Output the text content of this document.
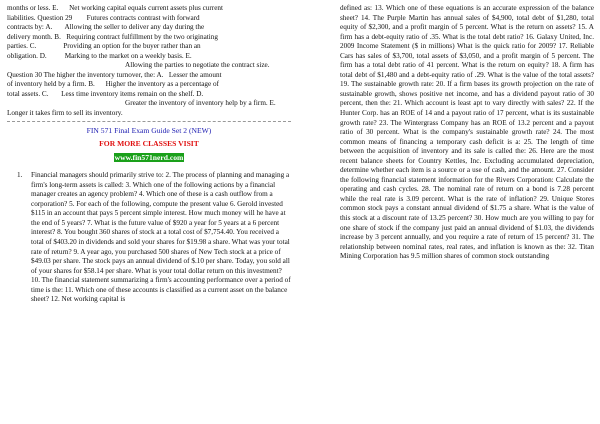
months or less. E.      Net working capital equals current assets plus current

liabilities. Question 29        Futures contracts contrast with forward

contracts by: A.       Allowing the seller to deliver any day during the

delivery month. B.   Requiring contract fulfillment by the two originating

parties. C.               Providing an option for the buyer rather than an

obligation. D.          Marking to the market on a weekly basis. E.

Allowing the parties to negotiate the contract size.

Question 30 The higher the inventory turnover, the: A.   Lesser the amount

of inventory held by a firm. B.      Higher the inventory as a percentage of

total assets. C.       Less time inventory items remain on the shelf. D.

Greater the inventory of inventory help by a firm. E.

Longer it takes firm to sell its inventory.

FIN 571 Final Exam Guide Set 2 (NEW)
FOR MORE CLASSES VISIT
www.fin571nerd.com
1. Financial managers should primarily strive to: 2. The process of planning and managing a firm's long-term assets is called: 3. Which one of the following actions by a financial manager creates an agency problem? 4. Which one of these is a cash outflow from a corporation? 5. For each of the following, compute the present value 6. Gerold invested $115 in an account that pays 5 percent simple interest. How much money will he have at the end of 5 years? 7. What is the future value of $920 a year for 5 years at a 6 percent interest? 8. You bought 360 shares of stock at a total cost of $7,754.40. You received a total of $403.20 in dividends and sold your shares for $19.98 a share. What was your total rate of return? 9. A year ago, you purchased 500 shares of New Tech stock at a price of $49.03 per share. The stock pays an annual dividend of $.10 per share. Today, you sold all of your shares for $58.14 per share. What is your total dollar return on this investment? 10. The financial statement summarizing a firm's accounting performance over a period of time is the: 11. Which one of these accounts is classified as a current asset on the balance sheet? 12. Net working capital is

defined as: 13. Which one of these equations is an accurate expression of the balance sheet? 14. The Purple Martin has annual sales of $4,900, total debt of $1,280, total equity of $2,300, and a profit margin of 5 percent. What is the return on assets? 15. A firm has a debt-equity ratio of .35. What is the total debt ratio? 16. Galaxy United, Inc. 2009 Income Statement ($ in millions) What is the quick ratio for 2009? 17. Reliable Cars has sales of $3,700, total assets of $3,050, and a profit margin of 5 percent. The firm has a total debt ratio of 41 percent. What is the return on equity? 18. A firm has total debt of $1,480 and a debt-equity ratio of .29. What is the value of the total assets? 19. The sustainable growth rate: 20. If a firm bases its growth projection on the rate of sustainable growth, shows positive net income, and has a dividend payout ratio of 30 percent, then the: 21. Which account is least apt to vary directly with sales? 22. If the Hunter Corp. has an ROE of 14 and a payout ratio of 17 percent, what is its sustainable growth rate? 23. The Wintergrass Company has an ROE of 13.2 percent and a payout ratio of 30 percent. What is the company's sustainable growth rate? 24. The most common means of financing a temporary cash deficit is a: 25. The length of time between the acquisition of inventory and its sale is called the: 26. Here are the most recent balance sheets for Country Kettles, Inc. Excluding accumulated depreciation, determine whether each item is a source or a use of cash, and the amount. 27. Consider the following financial statement information for the Rivers Corporation: Calculate the operating and cash cycles. 28. The nominal rate of return on a bond is 7.28 percent while the real rate is 3.09 percent. What is the rate of inflation? 29. Unique Stores common stock pays a constant annual dividend of $1.75 a share. What is the value of this stock at a discount rate of 13.25 percent? 30. How much are you willing to pay for one share of stock if the company just paid an annual dividend of $1.03, the dividends increase by 3 percent annually, and you require a rate of return of 15 percent? 31. The relationship between nominal rates, real rates, and inflation is known as the: 32. Titan Mining Corporation has 9.5 million shares of common stock outstanding
